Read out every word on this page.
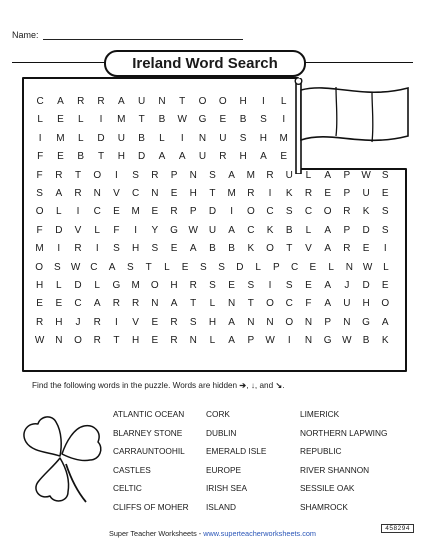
Name:
Ireland Word Search
C	A	R	R	A	U	N	T	O	O	H	I	L
L	E	L	I	M	T	B	W	G	E	B	S	I
I	M	L	D	U	B	L	I	N	U	S	H	M
F	E	B	T	H	D	A	A	U	R	H	A	E
F	R	T	O	I	S	R	P	N	S	A	M	R	U	L	A	P	W	S
S	A	R	N	V	C	N	E	H	T	M	R	I	K	R	E	P	U	E
O	L	I	C	E	M	E	R	P	D	I	O	C	S	C	O	R	K	S
F	D	V	L	F	I	Y	G	W	U	A	C	K	B	L	A	P	D	S
M	I	R	I	S	H	S	E	A	B	B	K	O	T	V	A	R	E	I
O	S	W C	A	S	T	L	E	S	S	D	L	P	C	E	L	N W	L
H	L	D	L	G	M	O	H	R	S	E	S	I	S	E	A	J	D	E
E	E	C	A	R	R	N	A	T	L	N	T	O	C	F	A	U	H	O
R	H	J	R	I	V	E	R	S	H	A	N	N	O	N	P	N	G	A
W	N	O	R	T	H	E	R	N	L	A	P	W	I	N	G	W	B	K
Find the following words in the puzzle. Words are hidden ➔, ↓, and ↘.
ATLANTIC OCEAN
BLARNEY STONE
CARRAUNTOOHIL
CASTLES
CELTIC
CLIFFS OF MOHER
CORK
DUBLIN
EMERALD ISLE
EUROPE
IRISH SEA
ISLAND
LIMERICK
NORTHERN LAPWING
REPUBLIC
RIVER SHANNON
SESSILE OAK
SHAMROCK
Super Teacher Worksheets - www.superteacherworksheets.com
458294
